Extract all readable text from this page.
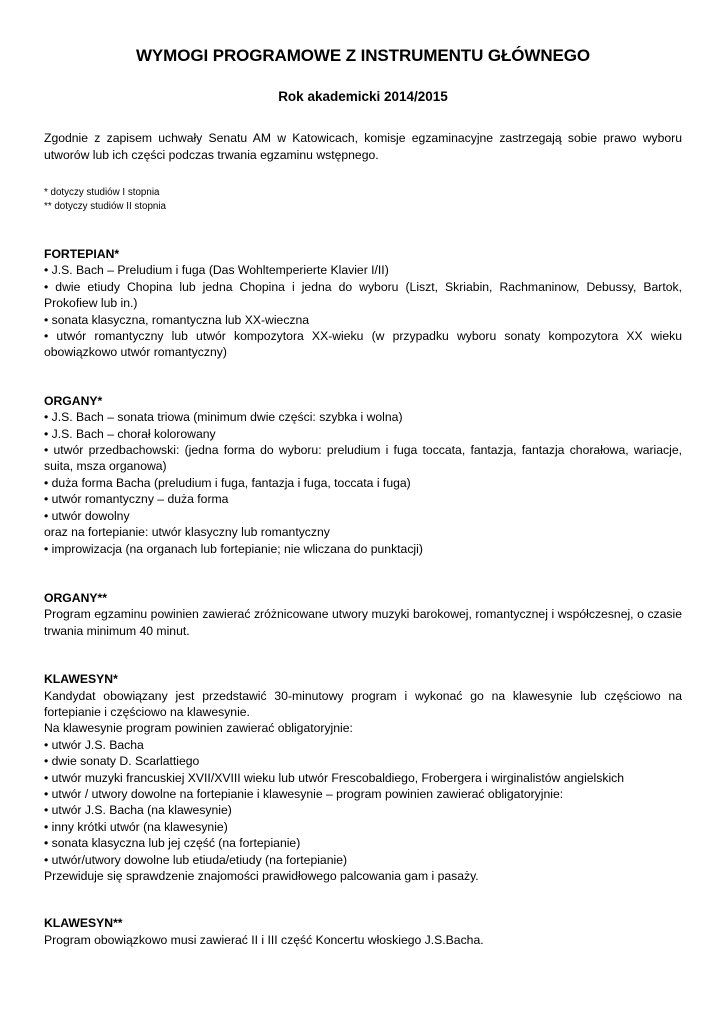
WYMOGI PROGRAMOWE Z INSTRUMENTU GŁÓWNEGO
Rok akademicki 2014/2015

Zgodnie z zapisem uchwały Senatu AM w Katowicach, komisje egzaminacyjne zastrzegają sobie prawo wyboru utworów lub ich części podczas trwania egzaminu wstępnego.

* dotyczy studiów I stopnia
** dotyczy studiów II stopnia
FORTEPIAN*
• J.S. Bach – Preludium i fuga (Das Wohltemperierte Klavier I/II)
• dwie etiudy Chopina lub jedna Chopina i jedna do wyboru (Liszt, Skriabin, Rachmaninow, Debussy, Bartok, Prokofiew lub in.)
• sonata klasyczna, romantyczna lub XX-wieczna
• utwór romantyczny lub utwór kompozytora XX-wieku (w przypadku wyboru sonaty kompozytora XX wieku obowiązkowo utwór romantyczny)
ORGANY*
• J.S. Bach – sonata triowa (minimum dwie części: szybka i wolna)
• J.S. Bach – chorał kolorowany
• utwór przedbachowski: (jedna forma do wyboru: preludium i fuga toccata, fantazja, fantazja chorałowa, wariacje, suita, msza organowa)
• duża forma Bacha (preludium i fuga, fantazja i fuga, toccata i fuga)
• utwór romantyczny – duża forma
• utwór dowolny
oraz na fortepianie: utwór klasyczny lub romantyczny
• improwizacja (na organach lub fortepianie; nie wliczana do punktacji)
ORGANY**
Program egzaminu powinien zawierać zróżnicowane utwory muzyki barokowej, romantycznej i współczesnej, o czasie trwania minimum 40 minut.
KLAWESYN*
Kandydat obowiązany jest przedstawić 30-minutowy program i wykonać go na klawesynie lub częściowo na fortepianie i częściowo na klawesynie.
Na klawesynie program powinien zawierać obligatoryjnie:
• utwór J.S. Bacha
• dwie sonaty D. Scarlattiego
• utwór muzyki francuskiej XVII/XVIII wieku lub utwór Frescobaldiego, Frobergera i wirginalistów angielskich
• utwór / utwory dowolne na fortepianie i klawesynie – program powinien zawierać obligatoryjnie:
• utwór J.S. Bacha (na klawesynie)
• inny krótki utwór (na klawesynie)
• sonata klasyczna lub jej część (na fortepianie)
• utwór/utwory dowolne lub etiuda/etiudy (na fortepianie)
Przewiduje się sprawdzenie znajomości prawidłowego palcowania gam i pasaży.
KLAWESYN**
Program obowiązkowo musi zawierać II i III część Koncertu włoskiego J.S.Bacha.
